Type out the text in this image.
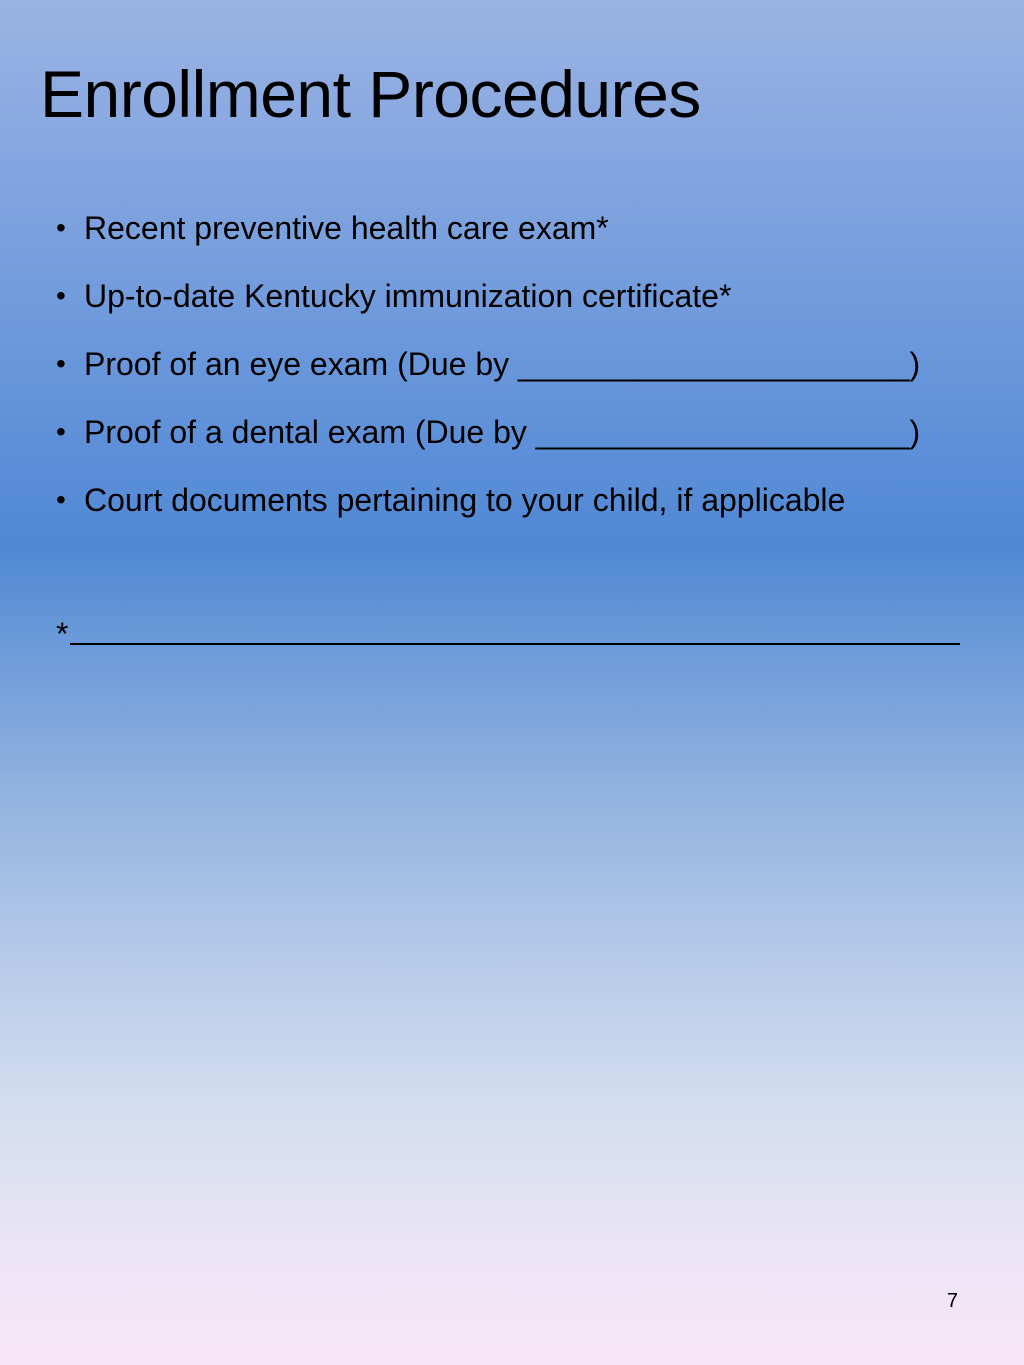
Enrollment Procedures
• Recent preventive health care exam*
• Up-to-date Kentucky immunization certificate*
• Proof of an eye exam (Due by ______________________)
• Proof of a dental exam (Due by _____________________)
• Court documents pertaining to your child, if applicable
*
7
